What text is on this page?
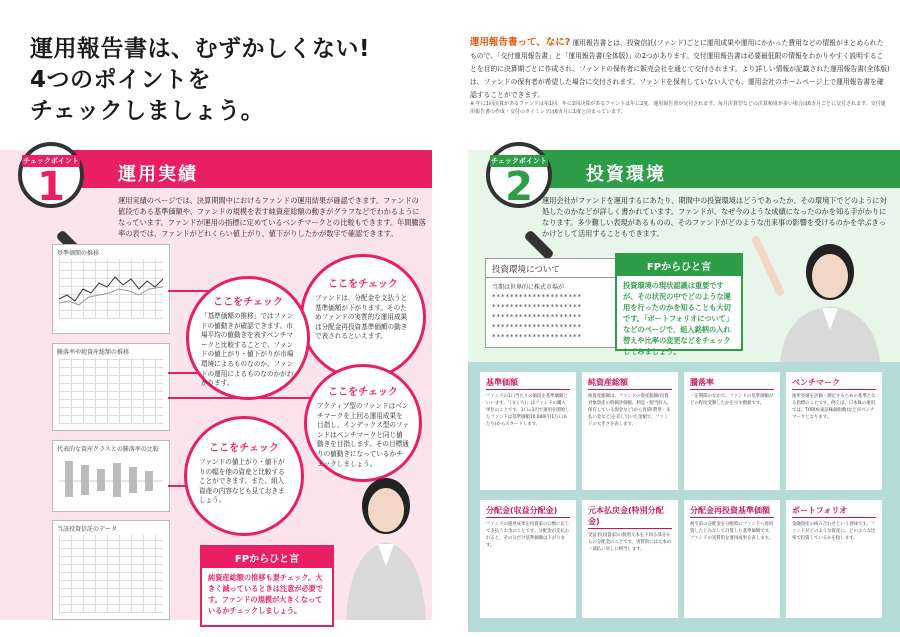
運用報告書は、むずかしくない!
4つのポイントを
チェックしましょう。
運用実績
チェックポイント
1	運用実績のページでは、決算期間中におけるファンドの運用結果が確認できます。ファンドの値段である基準価額や、ファンドの規模を表す純資産総額の動きがグラフなどでわかるようになっています。ファンドが運用の指標に定めているベンチマークとの比較もできます。年間騰落率の表では、ファンドがどれくらい値上がり、値下がりしたかが数字で確認できます。
基準価額の推移
騰落率や純資産総額の推移
代表的な資産クラスとの騰落率の比較
当該投資信託のデータ
ここをチェック
ファンドは、分配金を支払うと基準価額が下がります。そのためファンドの実質的な運用成果は分配金再投資基準価額の動きで表されるといえます。
ここをチェック
「基準価額の推移」ではファンドの値動きが確認できます。市場平均の値動きを表すベンチマークと比較することで、ファンドの値上がり・値下がりが市場環境によるものなのか、ファンドの運用によるものなのかがわかります。
ここをチェック
アクティブ型のファンドはベンチマークを上回る運用成果を目指し、インデックス型のファンドはベンチマークと同じ値動きを目指します。その目標通りの値動きになっているかチェックしましょう。
ここをチェック
ファンドの値上がり・値下がりの幅を他の資産と比較することができます。また、組入資産の内容なども見ておきましょう。
FPからひと言
純資産総額の推移も要チェック。大きく減っているときは注意が必要です。ファンドの規模が大きくなっているかチェックしましょう。
運用報告書って、なに? 運用報告書とは、投資信託(ファンド)ごとに運用成果や運用にかかった費用などの情報がまとめられたもので、「交付運用報告書」と「運用報告書(全体版)」の2つがあります。交付運用報告書は必要最低限の情報をわかりやすく説明することを目的に決算期ごとに作成され、ファンドの保有者に販売会社を通じて交付されます。より詳しい情報が記載された運用報告書(全体版)は、ファンドの保有者が希望した場合に交付されます。ファンドを保有していない人でも、運用会社のホームページ上で運用報告書を確認することができます。
※ 年に1回決算があるファンドは年1回、年に2回決算があるファンドは年に2度、運用報告書が交付されます。毎月決算型などの決算頻度が多い場合は6カ月ごとに交付されます。交付運用報告書の作成・交付のタイミングは6カ月に1度と決まっています。
投資環境
チェックポイント
2	運用会社がファンドを運用するにあたり、期間中の投資環境はどうであったか、その環境下でどのように対処したのかなどが詳しく書かれています。ファンドが、なぜ今のような成績になったのかを知る手がかりになります。多少難しい表現があるものの、そのファンドがどのような出来事の影響を受けるのかを学ぶきっかけとして活用することもできます。
投資環境について
当期は世界的に株式市場が
********************
********************
********************
********************
********************
FPからひと言
投資環境の現状認識は重要ですが、その状況の中でどのような運用を行ったのかを知ることも大切です。「ポートフォリオについて」などのページで、組入銘柄の入れ替えや比率の変更などをチェックしてみましょう。
基準価額
ファンドの1口当たりの値段を基準価額といいます。「口(くち)」はファンドの購入単位のことです。1口=1円で運用を開始したファンドは基準価額10,000円(1万口あたり)からスタートします。
純資産総額
純資産総額は、ファンドの資産総額(投資対象資産の時価評価額、利息・配当収入、保有している現金など)から負債(費用・未払い金など)を差し引いた金額で、ファンドの大きさを表します。
騰落率
一定期間のなかで、ファンドの基準価額がどの程度変動したかを示す数値です。
ベンチマーク
運用実績を評価・測定するための基準となる指標のことです。例えば、日本株の運用では、TOPIX(東証株価指数)などがベンチマークとなります。
分配金(収益分配金)
ファンドの運用成果を投資家の口数に応じて支払うお金のことです。分配金が支払われると、その分だけ基準価額は下がります。
元本払戻金(特別分配金)
受益者(投資家)の個別元本を下回る部分からの分配金のことです。実質的には元本の一部払い戻しに相当します。
分配金再投資基準価額
税引前の分配金を分配時にファンドへ再投資したとみなして計算した基準価額です。ファンドの実質的な運用成果を表します。
ポートフォリオ
金融資産の組み合わせという意味です。ファンドがどのような資産に、どのような比率で投資しているかを指します。
